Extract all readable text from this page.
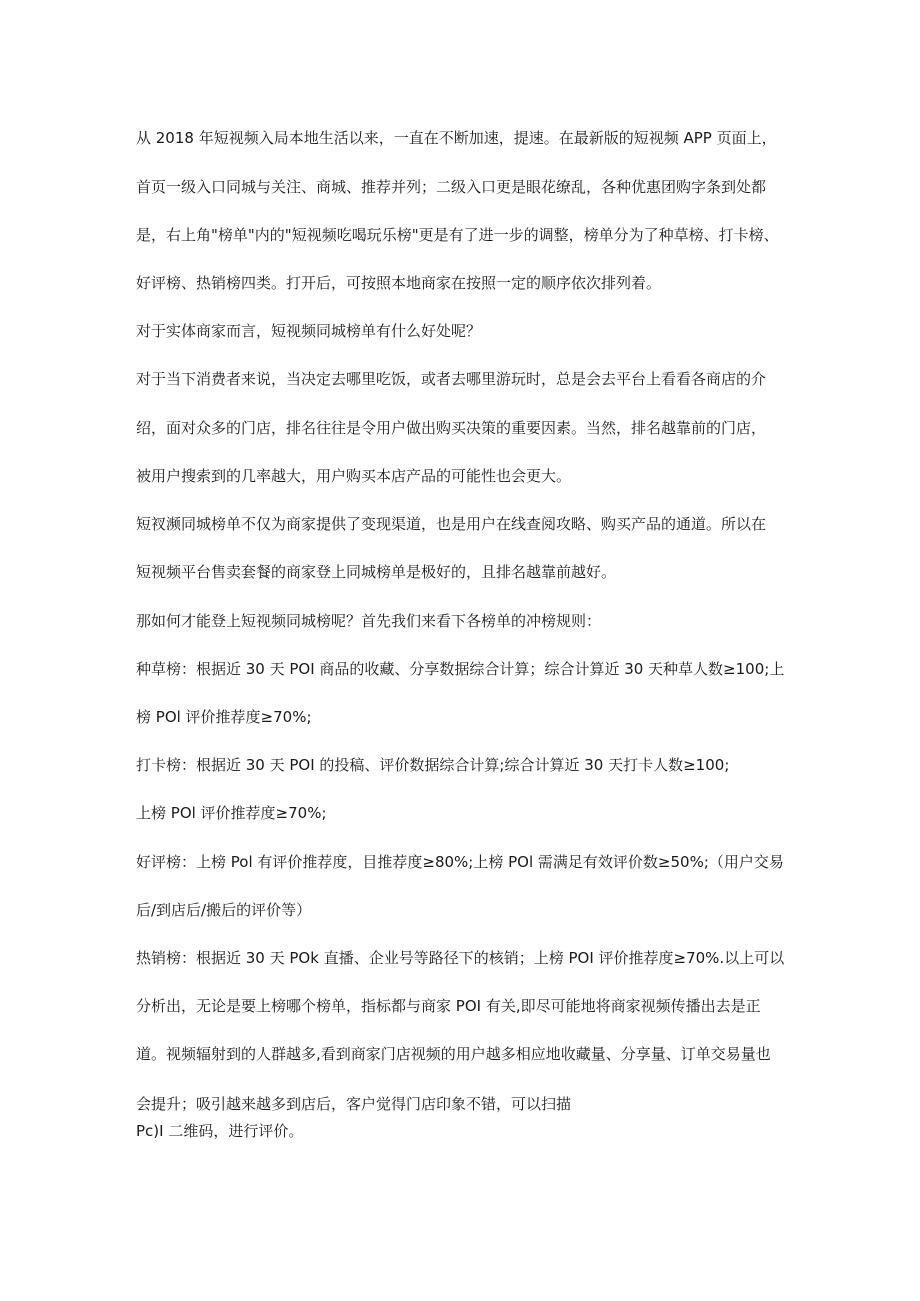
从 2018 年短视频入局本地生活以来，一直在不断加速，提速。在最新版的短视频 APP 页面上，
首页一级入口同城与关注、商城、推荐并列；二级入口更是眼花缭乱，各种优惠团购字条到处都
是，右上角"榜单"内的"短视频吃喝玩乐榜"更是有了进一步的调整，榜单分为了种草榜、打卡榜、
好评榜、热销榜四类。打开后，可按照本地商家在按照一定的顺序依次排列着。
对于实体商家而言，短视频同城榜单有什么好处呢？
对于当下消费者来说，当决定去哪里吃饭，或者去哪里游玩时，总是会去平台上看看各商店的介
绍，面对众多的门店，排名往往是令用户做出购买决策的重要因素。当然，排名越靠前的门店，
被用户搜索到的几率越大，用户购买本店产品的可能性也会更大。
短衩濒同城榜单不仅为商家提供了变现渠道，也是用户在线查阅攻略、购买产品的通道。所以在
短视频平台售卖套餐的商家登上同城榜单是极好的，且排名越靠前越好。
那如何才能登上短视频同城榜呢？首先我们来看下各榜单的冲榜规则：
种草榜：根据近 30 天 POI 商品的收藏、分享数据综合计算；综合计算近 30 天种草人数≥100;上
榜 POl 评价推荐度≥70%;
打卡榜：根据近 30 天 POI 的投稿、评价数据综合计算;综合计算近 30 天打卡人数≥100;
上榜 POl 评价推荐度≥70%;
好评榜：上榜 Pol 有评价推荐度，目推荐度≥80%;上榜 POl 需满足有效评价数≥50%;（用户交易
后/到店后/搬后的评价等）
热销榜：根据近 30 天 POk 直播、企业号等路径下的核销；上榜 POI 评价推荐度≥70%.以上可以
分析出，无论是要上榜哪个榜单，指标都与商家 POI 有关,即尽可能地将商家视频传播出去是正
道。视频辐射到的人群越多,看到商家门店视频的用户越多相应地收藏量、分享量、订单交易量也
会提升；吸引越来越多到店后，客户觉得门店印象不错，可以扫描
Pc)I 二维码，进行评价。
